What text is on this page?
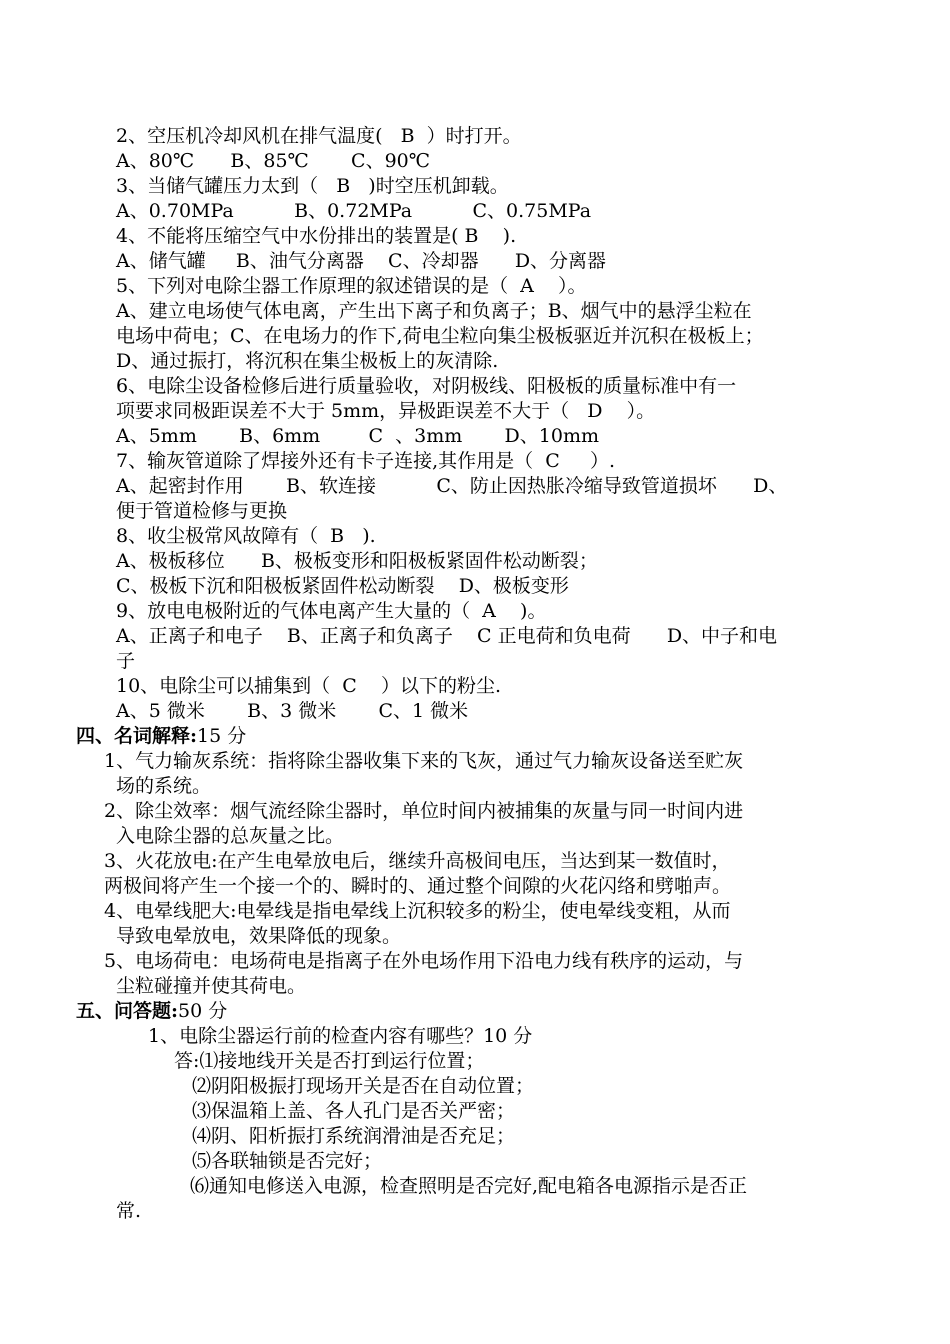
2、空压机冷却风机在排气温度(   B  ）时打开。
A、80℃      B、85℃       C、90℃
3、当储气罐压力太到（   B   )时空压机卸载。
A、0.70MPa          B、0.72MPa          C、0.75MPa
4、不能将压缩空气中水份排出的装置是( B    ).
A、储气罐     B、油气分离器    C、冷却器      D、分离器
5、下列对电除尘器工作原理的叙述错误的是（  A    ）。
A、建立电场使气体电离，产生出下离子和负离子；B、烟气中的悬浮尘粒在
电场中荷电；C、在电场力的作下,荷电尘粒向集尘极板驱近并沉积在极板上；
D、通过振打，将沉积在集尘极板上的灰清除.
6、电除尘设备检修后进行质量验收，对阴极线、阳极板的质量标准中有一
项要求同极距误差不大于 5mm，异极距误差不大于（   D    ）。
A、5mm       B、6mm        C  、3mm       D、10mm
7、输灰管道除了焊接外还有卡子连接,其作用是（  C     ）.
A、起密封作用       B、软连接          C、防止因热胀冷缩导致管道损坏      D、
便于管道检修与更换
8、收尘极常风故障有（  B   ).
A、极板移位      B、极板变形和阳极板紧固件松动断裂；
C、极板下沉和阳极板紧固件松动断裂    D、极板变形
9、放电电极附近的气体电离产生大量的（  A    )。
A、正离子和电子    B、正离子和负离子    C 正电荷和负电荷      D、中子和电
子
10、电除尘可以捕集到（  C    ）以下的粉尘.
A、5 微米       B、3 微米       C、1 微米
四、名词解释:15 分
1、气力输灰系统：指将除尘器收集下来的飞灰，通过气力输灰设备送至贮灰
场的系统。
2、除尘效率：烟气流经除尘器时，单位时间内被捕集的灰量与同一时间内进
入电除尘器的总灰量之比。
3、火花放电:在产生电晕放电后，继续升高极间电压，当达到某一数值时，
两极间将产生一个接一个的、瞬时的、通过整个间隙的火花闪络和劈啪声。
4、电晕线肥大:电晕线是指电晕线上沉积较多的粉尘，使电晕线变粗，从而
导致电晕放电，效果降低的现象。
5、电场荷电：电场荷电是指离子在外电场作用下沿电力线有秩序的运动，与
尘粒碰撞并使其荷电。
五、问答题:50 分
1、电除尘器运行前的检查内容有哪些？10 分
答:⑴接地线开关是否打到运行位置；
⑵阴阳极振打现场开关是否在自动位置；
⑶保温箱上盖、各人孔门是否关严密；
⑷阴、阳析振打系统润滑油是否充足；
⑸各联轴锁是否完好；
⑹通知电修送入电源，检查照明是否完好,配电箱各电源指示是否正
常.
